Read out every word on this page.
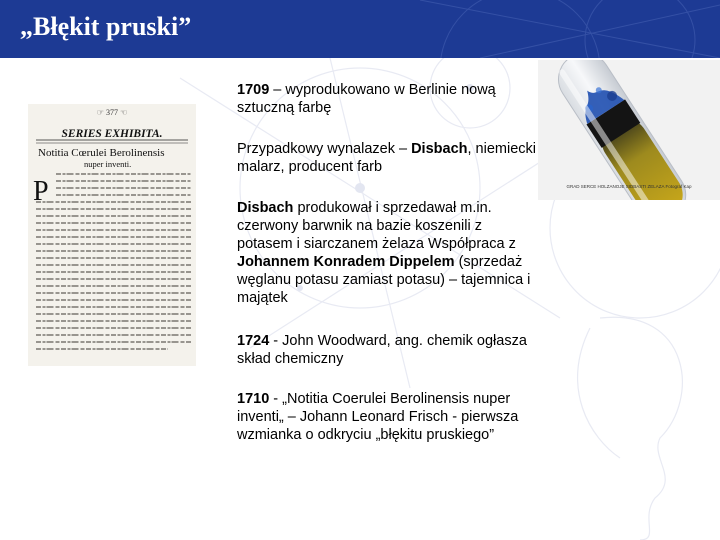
„Błękit pruski”
☞ 377 ☜
SERIES EXHIBITA.
Notitia Cœrulei Berolinensis
nuper inventi.
P

1709 – wyprodukowano w Berlinie nową sztuczną farbę

Przypadkowy wynalazek – Disbach, niemiecki malarz, producent farb

Disbach produkował i sprzedawał m.in. czerwony barwnik na bazie koszenili z potasem i siarczanem żelaza Współpraca z Johannem Konradem Dippelem (sprzedaż węglanu potasu zamiast potasu) – tajemnica i majątek

1724 - John Woodward, ang. chemik ogłasza skład chemiczny

1710 - „Notitia Coerulei Berolinensis nuper inventi„ – Johann Leonard Frisch - pierwsza wzmianka o odkryciu „błękitu pruskiego”

GRAD SERCE HOLZANOJE SIDBASTI ZELAZA Fotograf Kap
